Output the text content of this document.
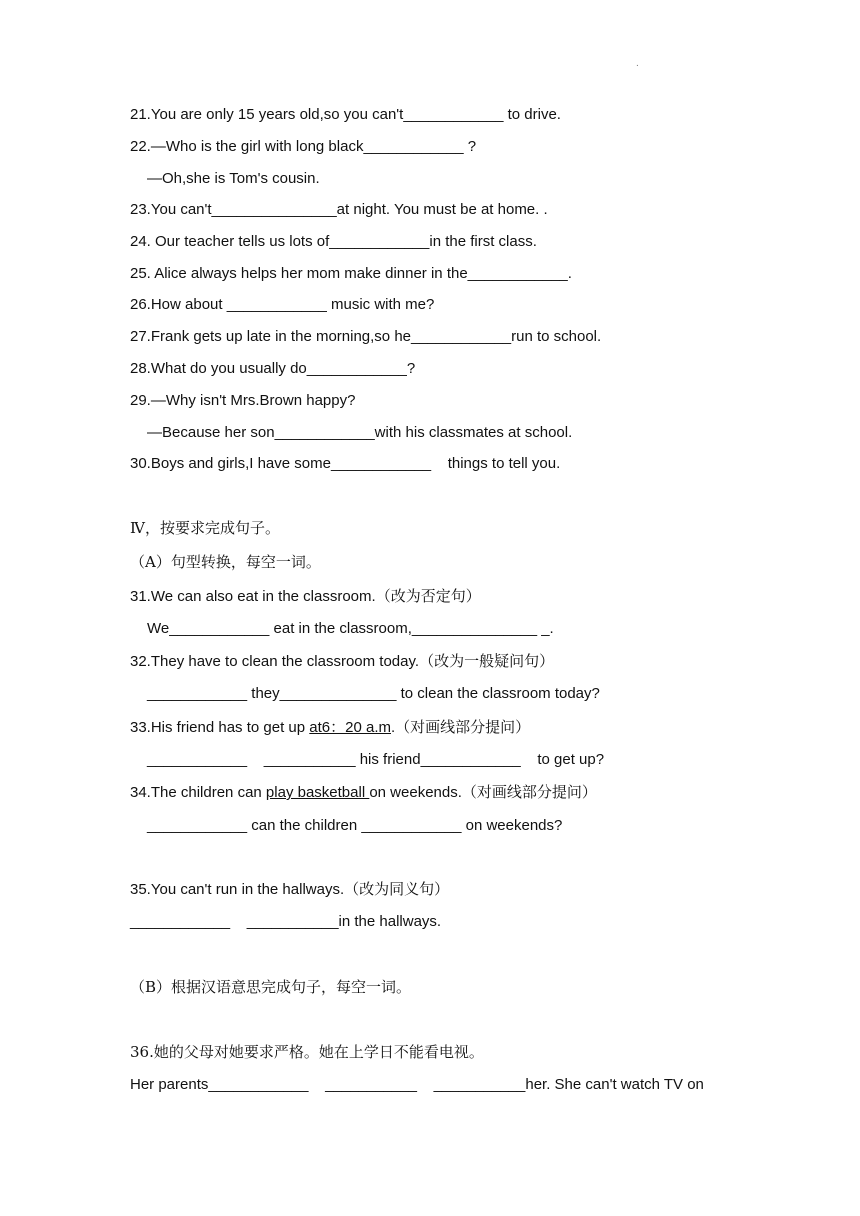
.
21.You are only 15 years old,so you can't____________ to drive.
22.—Who is the girl with long black____________ ?
—Oh,she is Tom's cousin.
23.You can't_______________at night. You must be at home. .
24. Our teacher tells us lots of____________in the first class.
25. Alice always helps her mom make dinner in the____________.
26.How about ____________ music with me?
27.Frank gets up late in the morning,so he____________run to school.
28.What do you usually do____________?
29.—Why isn't Mrs.Brown happy?
—Because her son____________with his classmates at school.
30.Boys and girls,I have some____________    things to tell you.
Ⅳ，按要求完成句子。
（A）句型转换，每空一词。
31.We can also eat in the classroom.（改为否定句）
We____________ eat in the classroom,_______________ _.
32.They have to clean the classroom today.（改为一般疑问句）
____________ they______________ to clean the classroom today?
33.His friend has to get up at6：20 a.m.（对画线部分提问）
____________    ___________ his friend____________    to get up?
34.The children can play basketball on weekends.（对画线部分提问）
____________ can the children ____________ on weekends?
35.You can't run in the hallways.（改为同义句）
____________    ___________in the hallways.
（B）根据汉语意思完成句子，每空一词。
36.她的父母对她要求严格。她在上学日不能看电视。
Her parents____________    ___________    ___________her. She can't watch TV on
